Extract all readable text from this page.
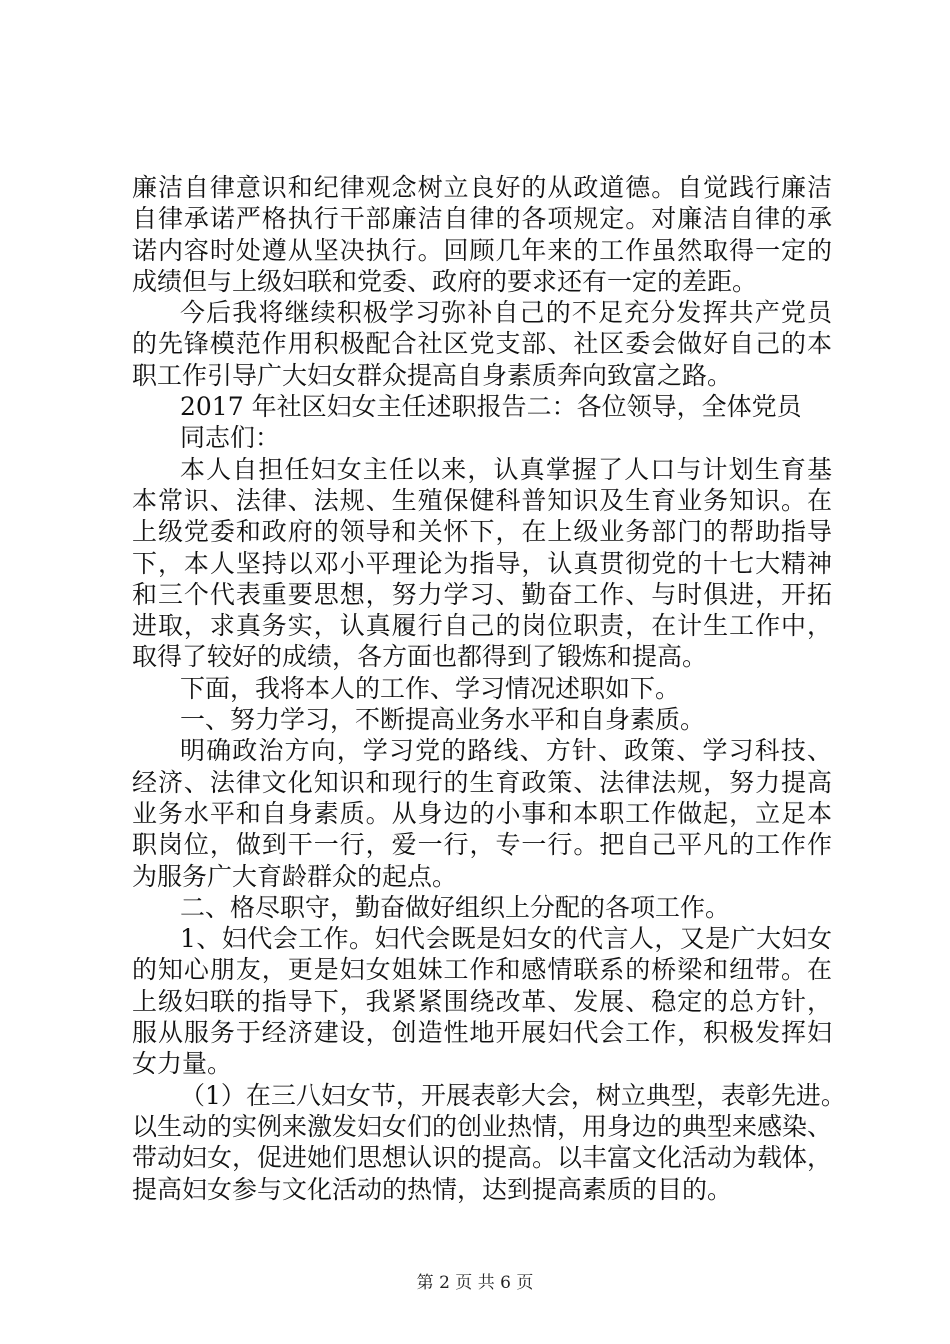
廉洁自律意识和纪律观念树立良好的从政道德。自觉践行廉洁
自律承诺严格执行干部廉洁自律的各项规定。对廉洁自律的承
诺内容时处遵从坚决执行。回顾几年来的工作虽然取得一定的
成绩但与上级妇联和党委、政府的要求还有一定的差距。
今后我将继续积极学习弥补自己的不足充分发挥共产党员
的先锋模范作用积极配合社区党支部、社区委会做好自己的本
职工作引导广大妇女群众提高自身素质奔向致富之路。
2017 年社区妇女主任述职报告二：各位领导，全体党员
同志们：
本人自担任妇女主任以来，认真掌握了人口与计划生育基
本常识、法律、法规、生殖保健科普知识及生育业务知识。在
上级党委和政府的领导和关怀下，在上级业务部门的帮助指导
下，本人坚持以邓小平理论为指导，认真贯彻党的十七大精神
和三个代表重要思想，努力学习、勤奋工作、与时俱进，开拓
进取，求真务实，认真履行自己的岗位职责，在计生工作中，
取得了较好的成绩，各方面也都得到了锻炼和提高。
下面，我将本人的工作、学习情况述职如下。
一、努力学习，不断提高业务水平和自身素质。
明确政治方向，学习党的路线、方针、政策、学习科技、
经济、法律文化知识和现行的生育政策、法律法规，努力提高
业务水平和自身素质。从身边的小事和本职工作做起，立足本
职岗位，做到干一行，爱一行，专一行。把自己平凡的工作作
为服务广大育龄群众的起点。
二、格尽职守，勤奋做好组织上分配的各项工作。
1、妇代会工作。妇代会既是妇女的代言人，又是广大妇女
的知心朋友，更是妇女姐妹工作和感情联系的桥梁和纽带。在
上级妇联的指导下，我紧紧围绕改革、发展、稳定的总方针，
服从服务于经济建设，创造性地开展妇代会工作，积极发挥妇
女力量。
（1）在三八妇女节，开展表彰大会，树立典型，表彰先进。
以生动的实例来激发妇女们的创业热情，用身边的典型来感染、
带动妇女，促进她们思想认识的提高。以丰富文化活动为载体，
提高妇女参与文化活动的热情，达到提高素质的目的。
第 2 页 共 6 页
